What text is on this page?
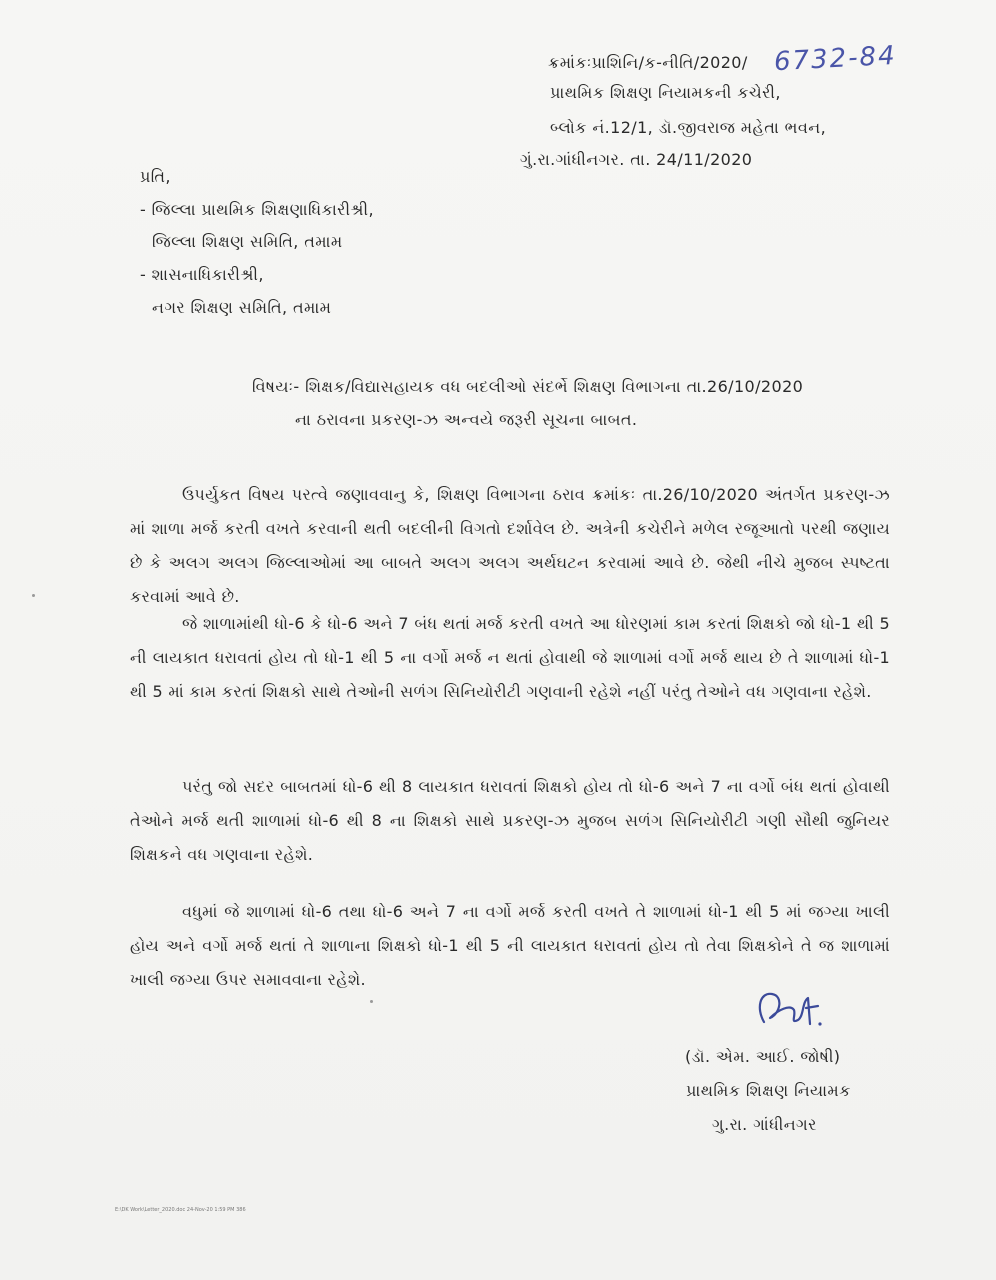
ક્રમાંકઃપ્રાશિનિ/ક-નીતિ/2020/ 6732-84
પ્રાથમિક શિક્ષણ નિયામકની કચેરી,
બ્લોક નં.12/1, ડૉ.જીવરાજ મહેતા ભવન,
ગું.રા.ગાંધીનગર. તા. 24/11/2020
પ્રતિ,
- જિલ્લા પ્રાથમિક શિક્ષણાધિકારીશ્રી,
જિલ્લા શિક્ષણ સમિતિ, તમામ
- શાસનાધિકારીશ્રી,
નગર શિક્ષણ સમિતિ, તમામ
વિષયઃ- શિક્ષક/વિદ્યાસહાયક વધ બદલીઓ સંદર્ભે શિક્ષણ વિભાગના તા.26/10/2020
ના ઠરાવના પ્રકરણ-ઝ અન્વયે જરૂરી સૂચના બાબત.

ઉપર્યુકત વિષય પરત્વે જણાવવાનુ કે, શિક્ષણ વિભાગના ઠરાવ ક્રમાંકઃ તા.26/10/2020 અંતર્ગત પ્રકરણ-ઝ માં શાળા મર્જ કરતી વખતે કરવાની થતી બદલીની વિગતો દર્શાવેલ છે. અત્રેની કચેરીને મળેલ રજૂઆતો પરથી જણાય છે કે અલગ અલગ જિલ્લાઓમાં આ બાબતે અલગ અલગ અર્થઘટન કરવામાં આવે છે. જેથી નીચે મુજબ સ્પષ્ટતા કરવામાં આવે છે.

જે શાળામાંથી ધો-6 કે ધો-6 અને 7 બંધ થતાં મર્જ કરતી વખતે આ ધોરણમાં કામ કરતાં શિક્ષકો જો ધો-1 થી 5 ની લાયકાત ધરાવતાં હોય તો ધો-1 થી 5 ના વર્ગો મર્જ ન થતાં હોવાથી જે શાળામાં વર્ગો મર્જ થાય છે તે શાળામાં ધો-1 થી 5 માં કામ કરતાં શિક્ષકો સાથે તેઓની સળંગ સિનિયોરીટી ગણવાની રહેશે નહીં પરંતુ તેઓને વધ ગણવાના રહેશે.

પરંતુ જો સદર બાબતમાં ધો-6 થી 8 લાયકાત ધરાવતાં શિક્ષકો હોય તો ધો-6 અને 7 ના વર્ગો બંધ થતાં હોવાથી તેઓને મર્જ થતી શાળામાં ધો-6 થી 8 ના શિક્ષકો સાથે પ્રકરણ-ઝ મુજબ સળંગ સિનિયોરીટી ગણી સૌથી જુનિયર શિક્ષકને વધ ગણવાના રહેશે.

વધુમાં જે શાળામાં ધો-6 તથા ધો-6 અને 7 ના વર્ગો મર્જ કરતી વખતે તે શાળામાં ધો-1 થી 5 માં જગ્યા ખાલી હોય અને વર્ગો મર્જ થતાં તે શાળાના શિક્ષકો ધો-1 થી 5 ની લાયકાત ધરાવતાં હોય તો તેવા શિક્ષકોને તે જ શાળામાં ખાલી જગ્યા ઉપર સમાવવાના રહેશે.

(ડૉ. એમ. આઈ. જોષી)
પ્રાથમિક શિક્ષણ નિયામક
ગુ.રા. ગાંધીનગર
E:\DK Work\Letter_2020.doc 24-Nov-20 1:59 PM 386
